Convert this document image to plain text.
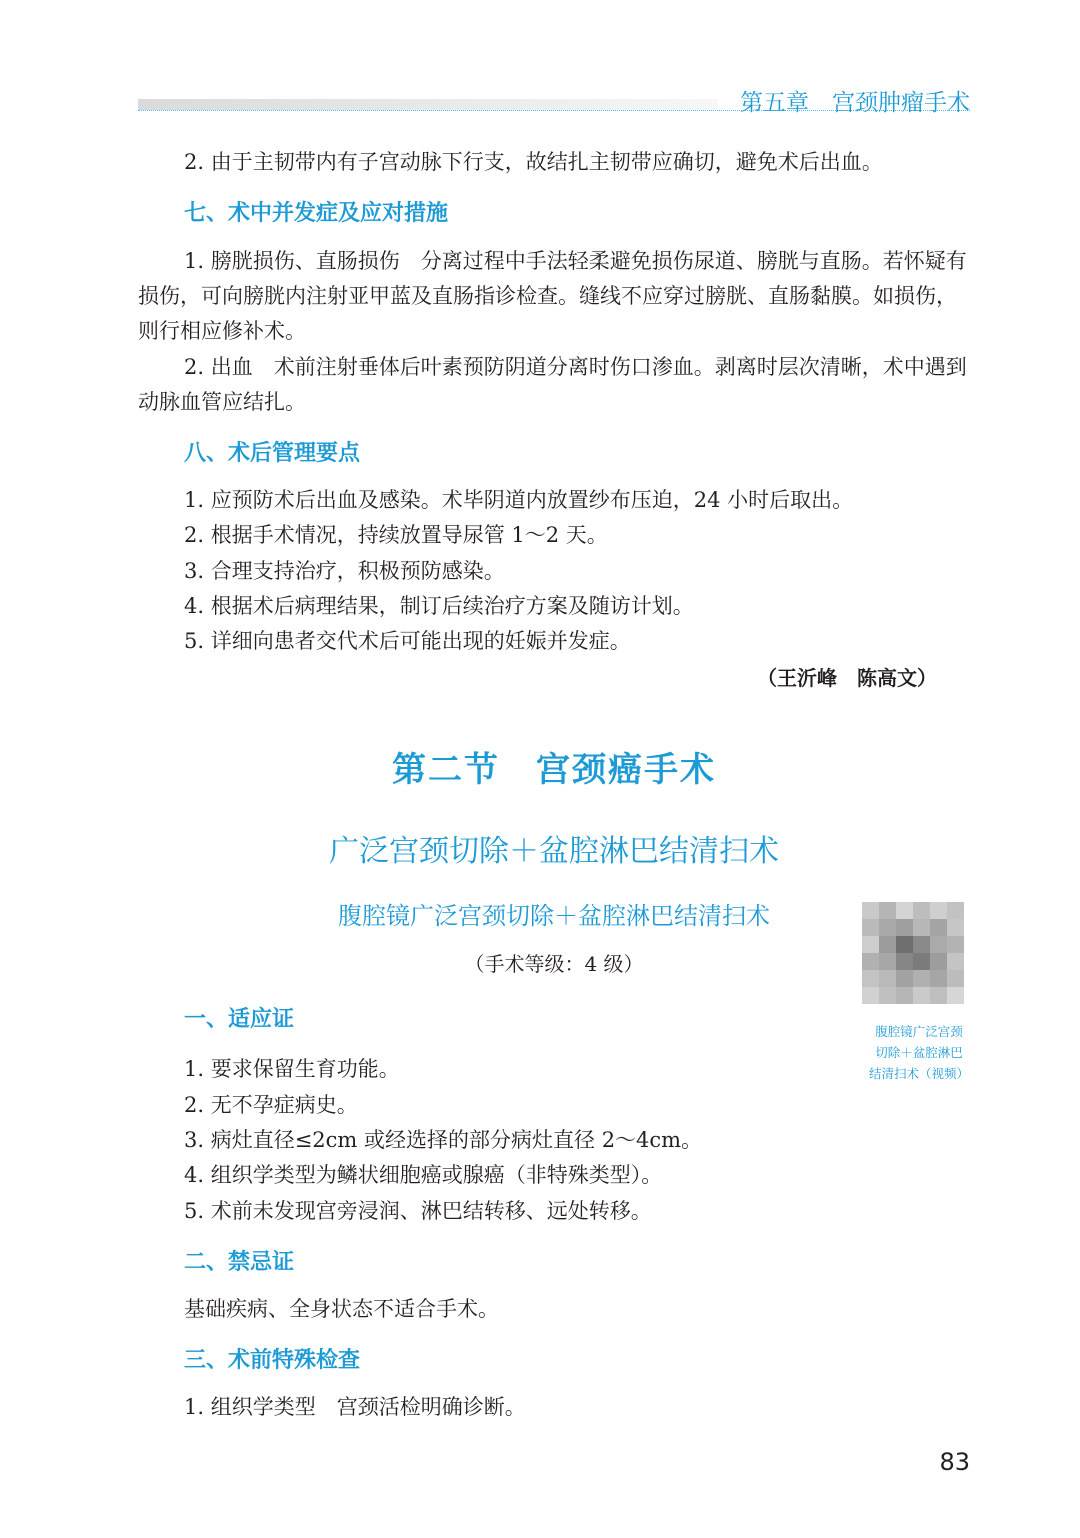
第五章　宫颈肿瘤手术

2. 由于主韧带内有子宫动脉下行支，故结扎主韧带应确切，避免术后出血。

七、术中并发症及应对措施

1. 膀胱损伤、直肠损伤　分离过程中手法轻柔避免损伤尿道、膀胱与直肠。若怀疑有损伤，可向膀胱内注射亚甲蓝及直肠指诊检查。缝线不应穿过膀胱、直肠黏膜。如损伤，则行相应修补术。

2. 出血　术前注射垂体后叶素预防阴道分离时伤口渗血。剥离时层次清晰，术中遇到动脉血管应结扎。

八、术后管理要点

1. 应预防术后出血及感染。术毕阴道内放置纱布压迫，24 小时后取出。

2. 根据手术情况，持续放置导尿管 1～2 天。

3. 合理支持治疗，积极预防感染。

4. 根据术后病理结果，制订后续治疗方案及随访计划。

5. 详细向患者交代术后可能出现的妊娠并发症。

（王沂峰　陈高文）
第二节　宫颈癌手术
广泛宫颈切除＋盆腔淋巴结清扫术
腹腔镜广泛宫颈切除＋盆腔淋巴结清扫术
（手术等级：4 级）
腹腔镜广泛宫颈
切除＋盆腔淋巴
结清扫术（视频）
一、适应证

1. 要求保留生育功能。

2. 无不孕症病史。

3. 病灶直径≤2cm 或经选择的部分病灶直径 2～4cm。

4. 组织学类型为鳞状细胞癌或腺癌（非特殊类型）。

5. 术前未发现宫旁浸润、淋巴结转移、远处转移。

二、禁忌证

基础疾病、全身状态不适合手术。

三、术前特殊检查

1. 组织学类型　宫颈活检明确诊断。

83
